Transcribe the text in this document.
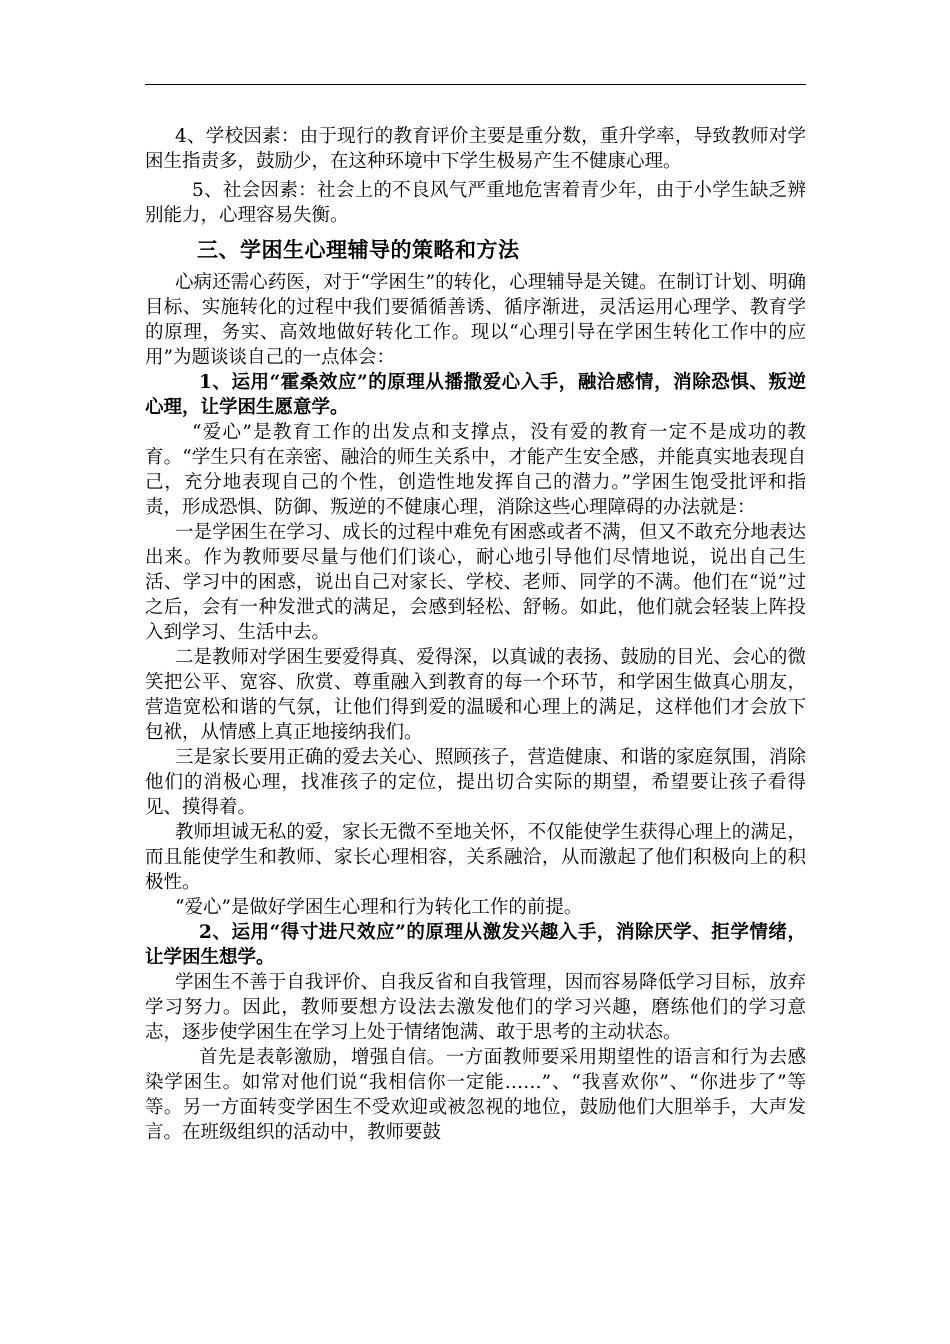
4、学校因素：由于现行的教育评价主要是重分数，重升学率，导致教师对学困生指责多，鼓励少，在这种环境中下学生极易产生不健康心理。

5、社会因素：社会上的不良风气严重地危害着青少年，由于小学生缺乏辨别能力，心理容易失衡。

三、学困生心理辅导的策略和方法

心病还需心药医，对于“学困生”的转化，心理辅导是关键。在制订计划、明确目标、实施转化的过程中我们要循循善诱、循序渐进，灵活运用心理学、教育学的原理，务实、高效地做好转化工作。现以“心理引导在学困生转化工作中的应用”为题谈谈自己的一点体会：

1、运用“霍桑效应”的原理从播撒爱心入手，融洽感情，消除恐惧、叛逆心理，让学困生愿意学。

“爱心”是教育工作的出发点和支撑点，没有爱的教育一定不是成功的教育。“学生只有在亲密、融洽的师生关系中，才能产生安全感，并能真实地表现自己，充分地表现自己的个性，创造性地发挥自己的潜力。”学困生饱受批评和指责，形成恐惧、防御、叛逆的不健康心理，消除这些心理障碍的办法就是：

一是学困生在学习、成长的过程中难免有困惑或者不满，但又不敢充分地表达出来。作为教师要尽量与他们们谈心，耐心地引导他们尽情地说，说出自己生活、学习中的困惑，说出自己对家长、学校、老师、同学的不满。他们在“说”过之后，会有一种发泄式的满足，会感到轻松、舒畅。如此，他们就会轻装上阵投入到学习、生活中去。

二是教师对学困生要爱得真、爱得深，以真诚的表扬、鼓励的目光、会心的微笑把公平、宽容、欣赏、尊重融入到教育的每一个环节，和学困生做真心朋友，营造宽松和谐的气氛，让他们得到爱的温暖和心理上的满足，这样他们才会放下包袱，从情感上真正地接纳我们。

三是家长要用正确的爱去关心、照顾孩子，营造健康、和谐的家庭氛围，消除他们的消极心理，找准孩子的定位，提出切合实际的期望，希望要让孩子看得见、摸得着。

教师坦诚无私的爱，家长无微不至地关怀，不仅能使学生获得心理上的满足，而且能使学生和教师、家长心理相容，关系融洽，从而激起了他们积极向上的积极性。

“爱心”是做好学困生心理和行为转化工作的前提。

2、运用“得寸进尺效应”的原理从激发兴趣入手，消除厌学、拒学情绪，让学困生想学。

学困生不善于自我评价、自我反省和自我管理，因而容易降低学习目标，放弃学习努力。因此，教师要想方设法去激发他们的学习兴趣，磨练他们的学习意志，逐步使学困生在学习上处于情绪饱满、敢于思考的主动状态。

首先是表彰激励，增强自信。一方面教师要采用期望性的语言和行为去感染学困生。如常对他们说“我相信你一定能……”、“我喜欢你”、“你进步了”等等。另一方面转变学困生不受欢迎或被忽视的地位，鼓励他们大胆举手，大声发言。在班级组织的活动中，教师要鼓
